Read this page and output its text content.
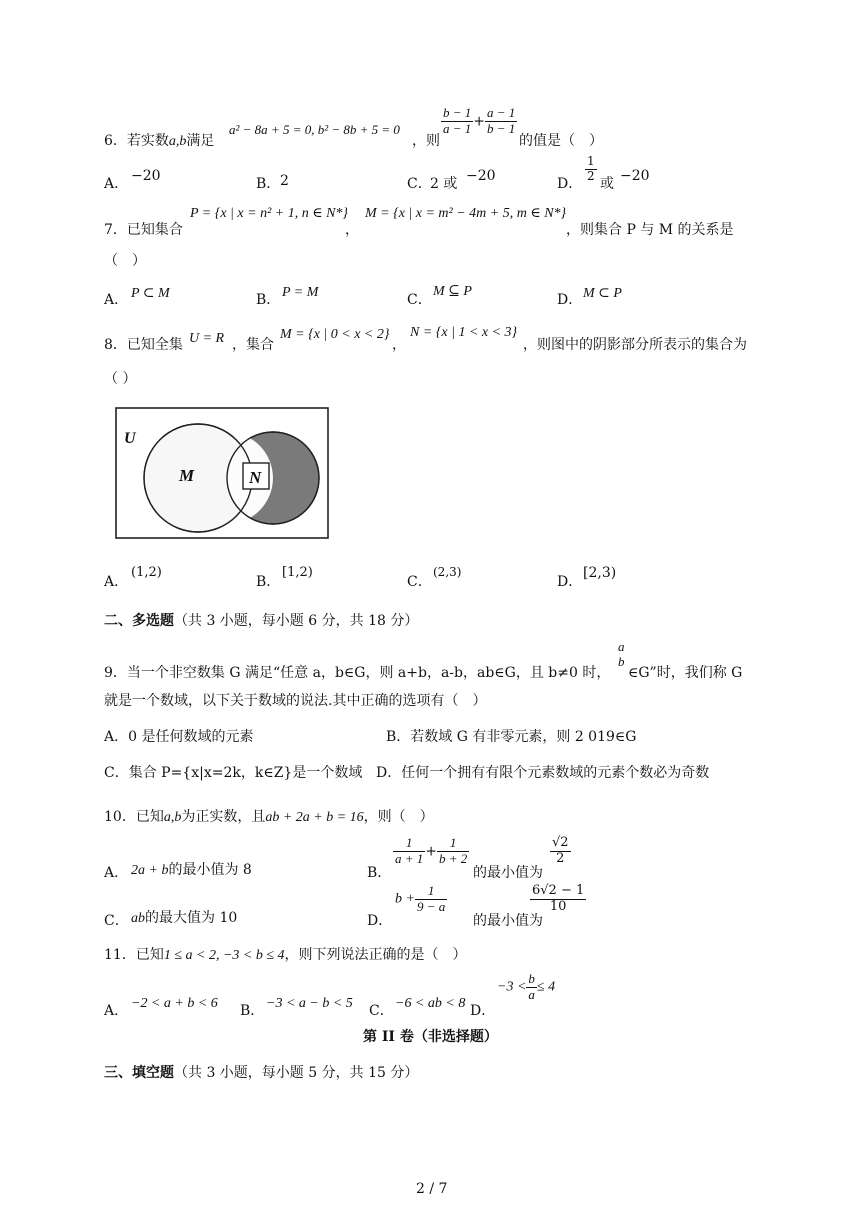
6．若实数a,b满足
a² − 8a + 5 = 0, b² − 8b + 5 = 0
，则
$\frac{b - 1}{a - 1} + \frac{a - 1}{b - 1}$
的值是（　）
A． −20	B． 2	C．
2 或 −20	D．
$\frac{1}{2}$
或 −20
7．已知集合
P = {x | x = n² + 1, n ∈ N*}
，
M = {x | x = m² − 4m + 5, m ∈ N*}
，则集合 P 与 M 的关系是
（　）
A． P ⊂ M	B． P = M	C．
M ⊆ P
D． M ⊂ P
8．已知全集 U = R ，集合
M = {x | 0 < x < 2}
，
N = {x | 1 < x < 3}
，则图中的阴影部分所表示的集合为
（ ）
U
M	N
A．
(1,2)
B．
[1,2)
C．
(2,3)
D．
[2,3)
二、多选题（共 3 小题，每小题 6 分，共 18 分）
9．当一个非空数集 G 满足“任意 a，b∈G，则 a+b，a-b，ab∈G，且 b≠0 时，
a
b
∈G”时，我们称 G
就是一个数域，以下关于数域的说法.其中正确的选项有（　）
A．0 是任何数域的元素	B．若数域 G 有非零元素，则 2 019∈G
C．集合 P={x|x=2k，k∈Z}是一个数域 D．任何一个拥有有限个元素数域的元素个数必为奇数
10．已知a,b为正实数，且ab + 2a + b = 16，则（　）
A． 2a + b的最小值为 8	B．
$\frac{1}{a + 1} + \frac{1}{b + 2}$
的最小值为
$\frac{√2}{2}$
C． ab的最大值为 10	D．
$b + \frac{1}{9 - a}$
的最小值为
$\frac{6√2 - 1}{10}$
11．已知1 ≤ a < 2, −3 < b ≤ 4，则下列说法正确的是（　）
A． −2 < a + b < 6 B． −3 < a − b < 5 C． −6 < ab < 8 D．
$-3 < \frac{b}{a} \le 4$
第 II 卷（非选择题）
三、填空题（共 3 小题，每小题 5 分，共 15 分）
2 / 7
